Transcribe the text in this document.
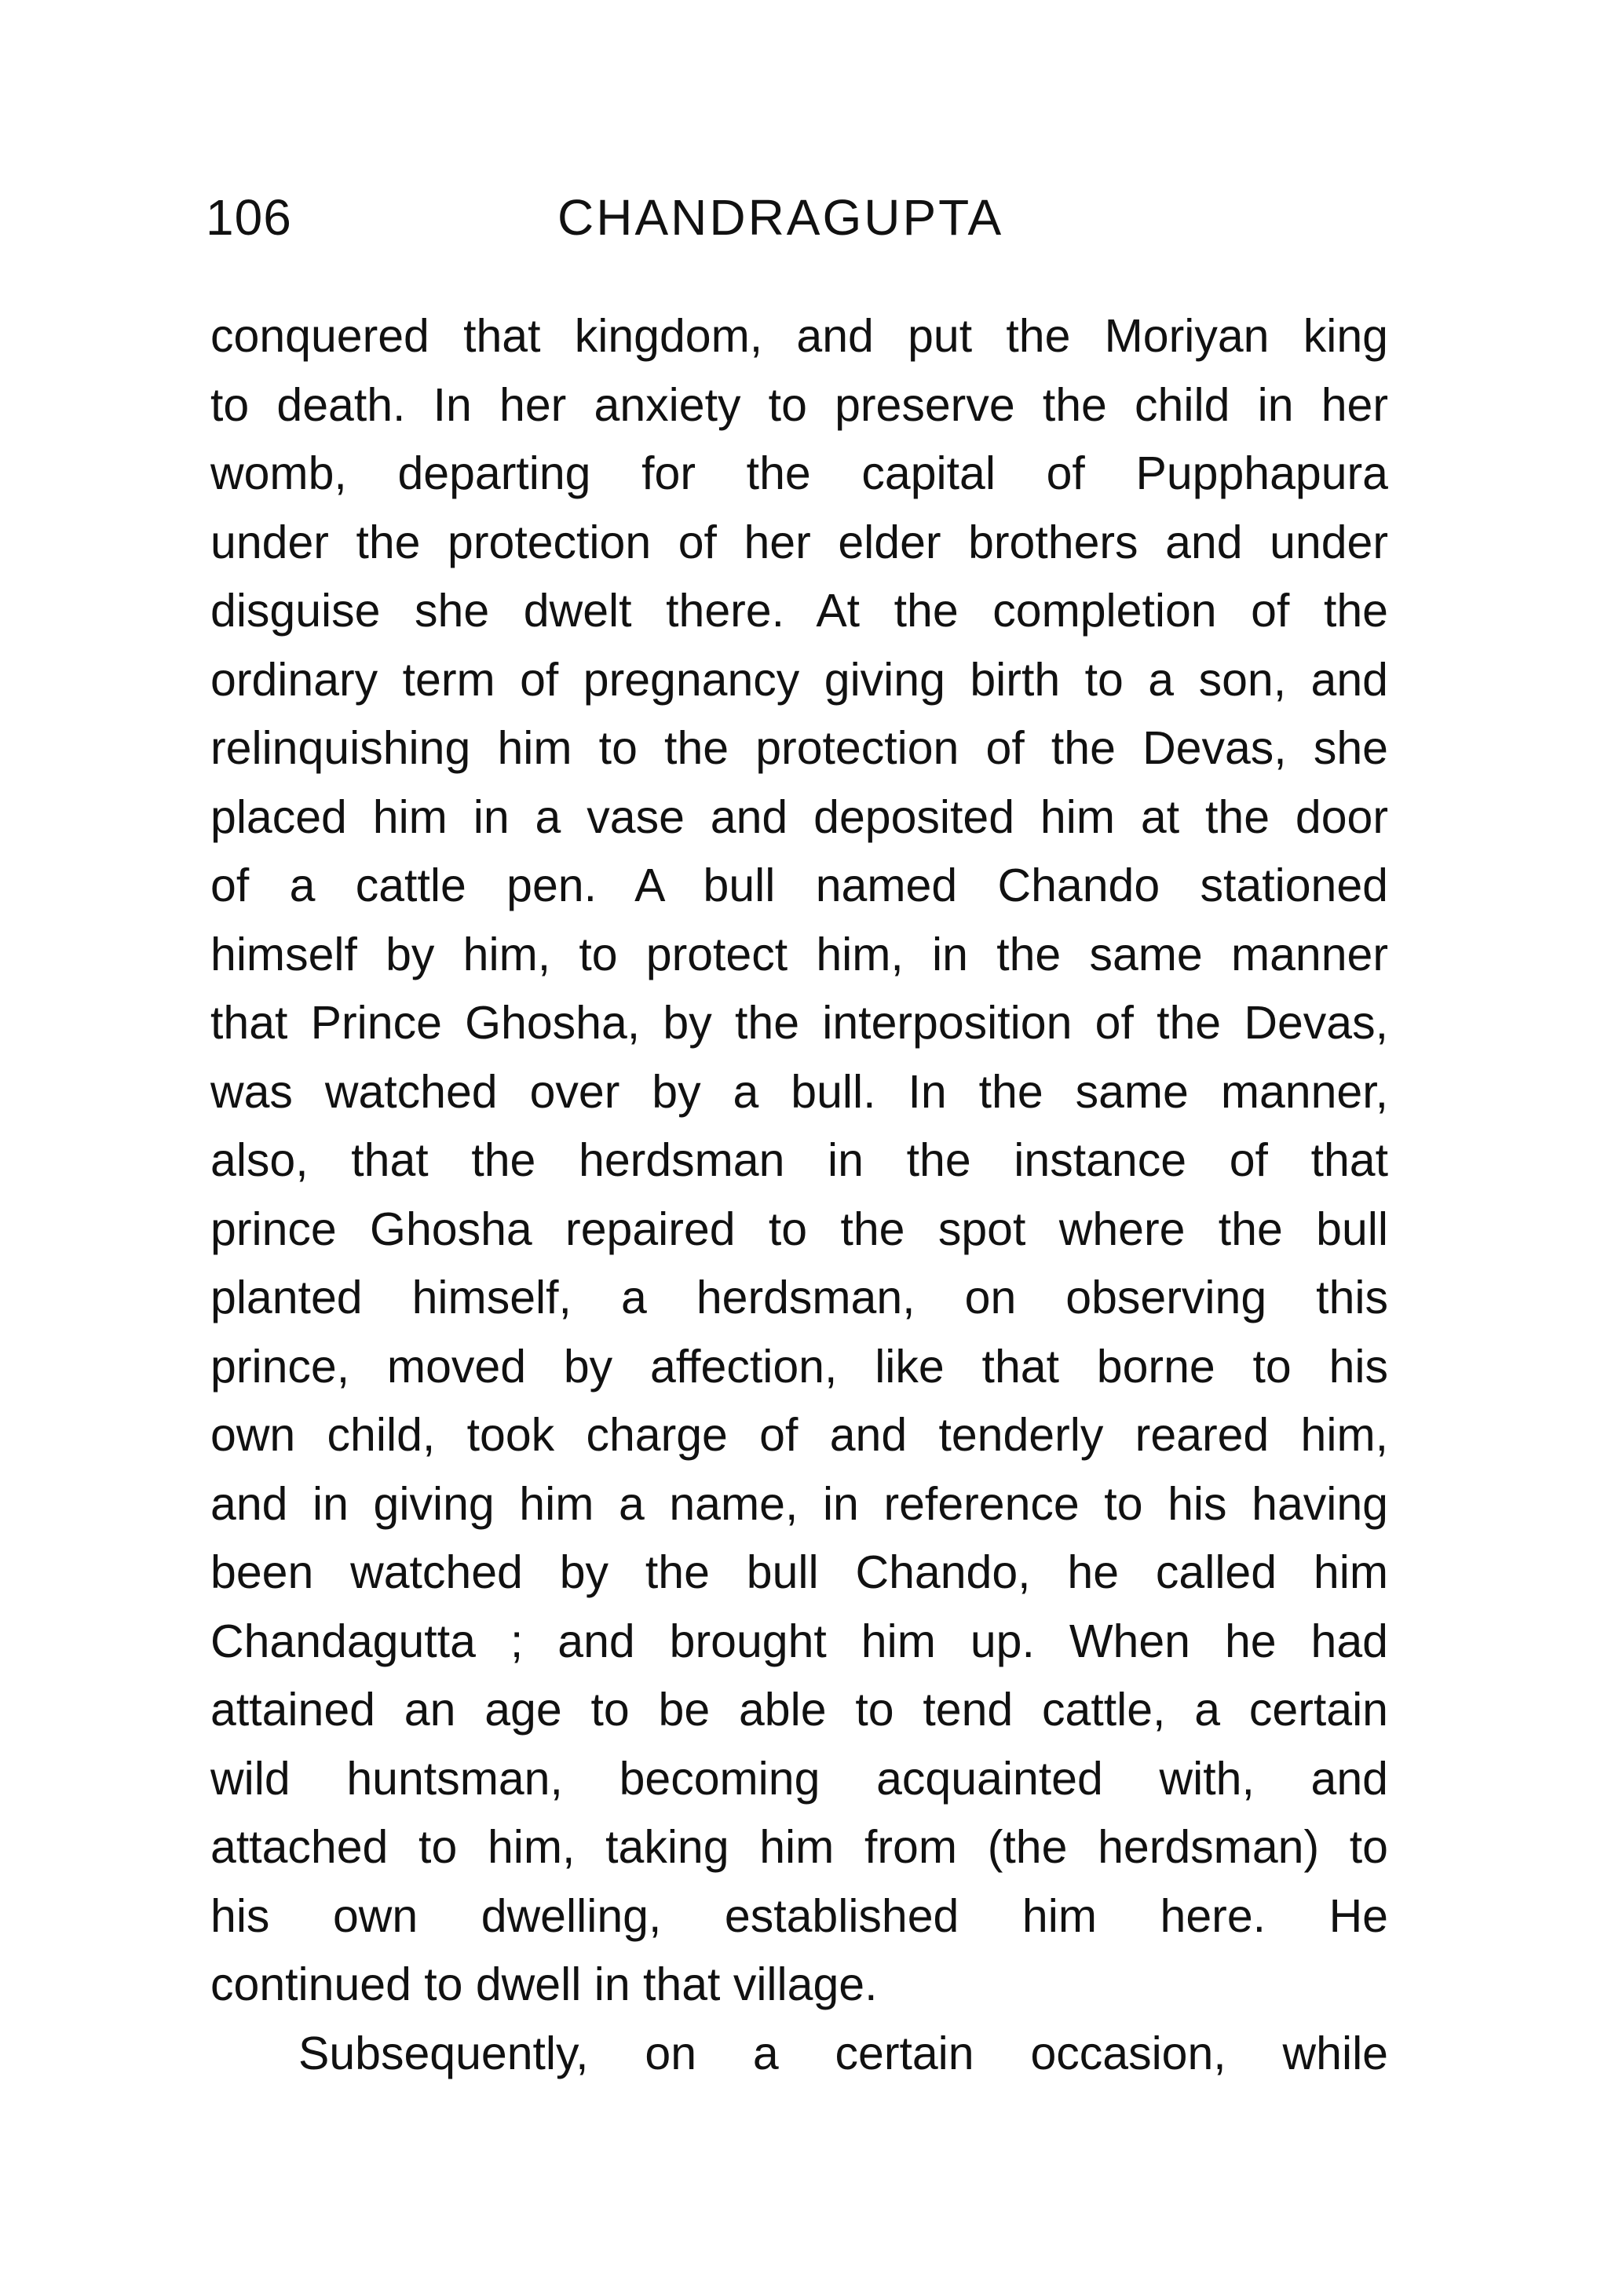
106	CHANDRAGUPTA
conquered that kingdom, and put the Moriyan king
to death. In her anxiety to preserve the child in her
womb, departing for the capital of Pupphapura
under the protection of her elder brothers and under
disguise she dwelt there. At the completion of the
ordinary term of pregnancy giving birth to a son, and
relinquishing him to the protection of the Devas, she
placed him in a vase and deposited him at the door
of a cattle pen. A bull named Chando stationed
himself by him, to protect him, in the same manner
that Prince Ghosha, by the interposition of the Devas,
was watched over by a bull. In the same manner,
also, that the herdsman in the instance of that
prince Ghosha repaired to the spot where the bull
planted himself, a herdsman, on observing this
prince, moved by affection, like that borne to his
own child, took charge of and tenderly reared him,
and in giving him a name, in reference to his having
been watched by the bull Chando, he called him
Chandagutta ; and brought him up. When he had
attained an age to be able to tend cattle, a certain
wild huntsman, becoming acquainted with, and
attached to him, taking him from (the herdsman) to
his own dwelling, established him here. He
continued to dwell in that village.
Subsequently, on a certain occasion, while
